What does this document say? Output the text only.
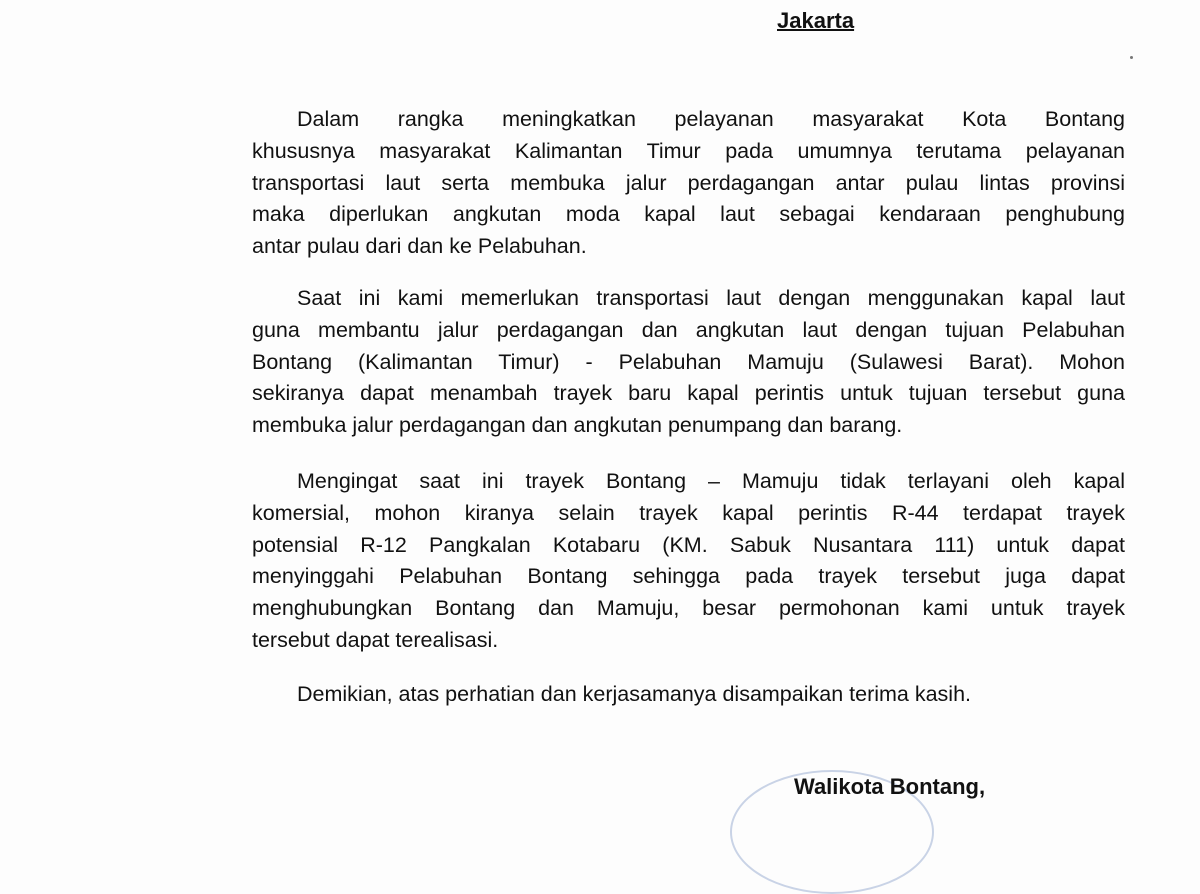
Jakarta
Dalam rangka meningkatkan pelayanan masyarakat Kota Bontang
khususnya masyarakat Kalimantan Timur pada umumnya terutama pelayanan
transportasi laut serta membuka jalur perdagangan antar pulau lintas provinsi
maka diperlukan angkutan moda kapal laut sebagai kendaraan penghubung
antar pulau dari dan ke Pelabuhan.
Saat ini kami memerlukan transportasi laut dengan menggunakan kapal laut
guna membantu jalur perdagangan dan angkutan laut dengan tujuan Pelabuhan
Bontang (Kalimantan Timur) - Pelabuhan Mamuju (Sulawesi Barat). Mohon
sekiranya dapat menambah trayek baru kapal perintis untuk tujuan tersebut guna
membuka jalur perdagangan dan angkutan penumpang dan barang.
Mengingat saat ini trayek Bontang – Mamuju tidak terlayani oleh kapal
komersial, mohon kiranya selain trayek kapal perintis R-44 terdapat trayek
potensial R-12 Pangkalan Kotabaru (KM. Sabuk Nusantara 111) untuk dapat
menyinggahi Pelabuhan Bontang sehingga pada trayek tersebut juga dapat
menghubungkan Bontang dan Mamuju, besar permohonan kami untuk trayek
tersebut dapat terealisasi.
Demikian, atas perhatian dan kerjasamanya disampaikan terima kasih.
Walikota Bontang,
